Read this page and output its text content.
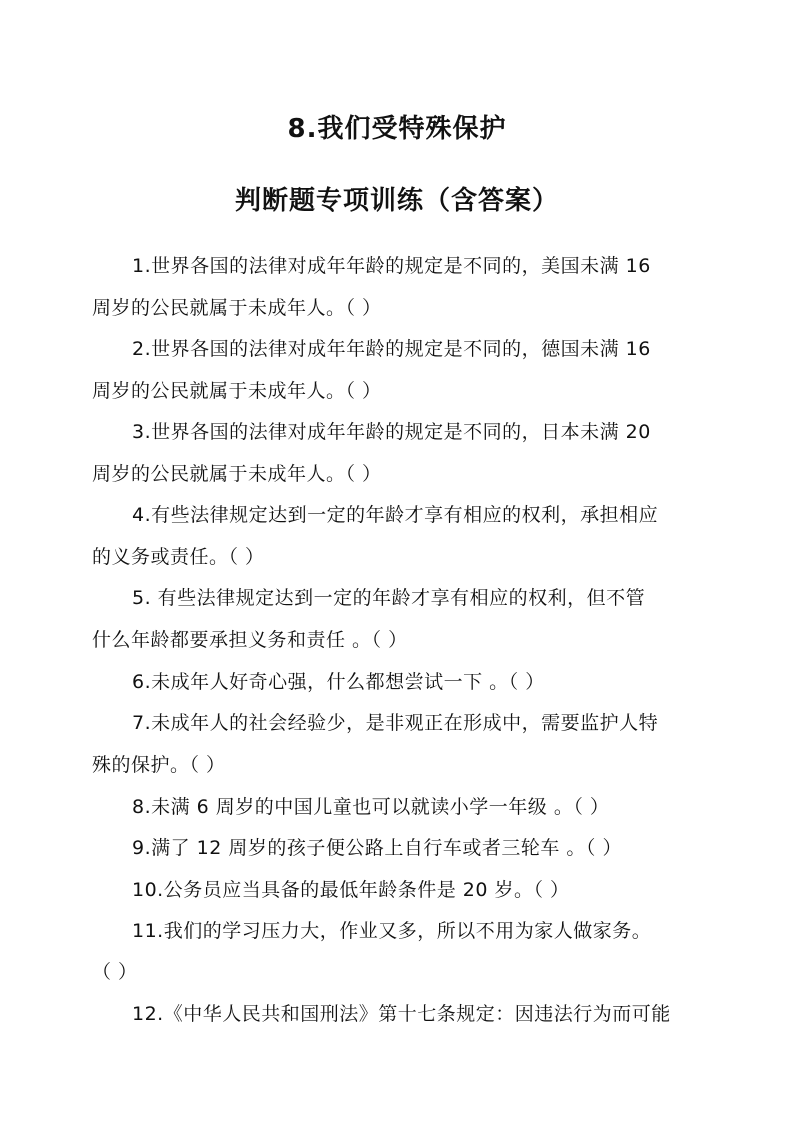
8.我们受特殊保护
判断题专项训练（含答案）
1.世界各国的法律对成年年龄的规定是不同的，美国未满 16
周岁的公民就属于未成年人。（ ）
2.世界各国的法律对成年年龄的规定是不同的，德国未满 16
周岁的公民就属于未成年人。（ ）
3.世界各国的法律对成年年龄的规定是不同的，日本未满 20
周岁的公民就属于未成年人。（ ）
4.有些法律规定达到一定的年龄才享有相应的权利，承担相应
的义务或责任。（ ）
5. 有些法律规定达到一定的年龄才享有相应的权利，但不管
什么年龄都要承担义务和责任 。（ ）
6.未成年人好奇心强，什么都想尝试一下 。（ ）
7.未成年人的社会经验少，是非观正在形成中，需要监护人特
殊的保护。（ ）
8.未满 6 周岁的中国儿童也可以就读小学一年级 。（ ）
9.满了 12 周岁的孩子便公路上自行车或者三轮车 。（ ）
10.公务员应当具备的最低年龄条件是 20 岁。（ ）
11.我们的学习压力大，作业又多，所以不用为家人做家务。
（ ）
12.《中华人民共和国刑法》第十七条规定：因违法行为而可能
